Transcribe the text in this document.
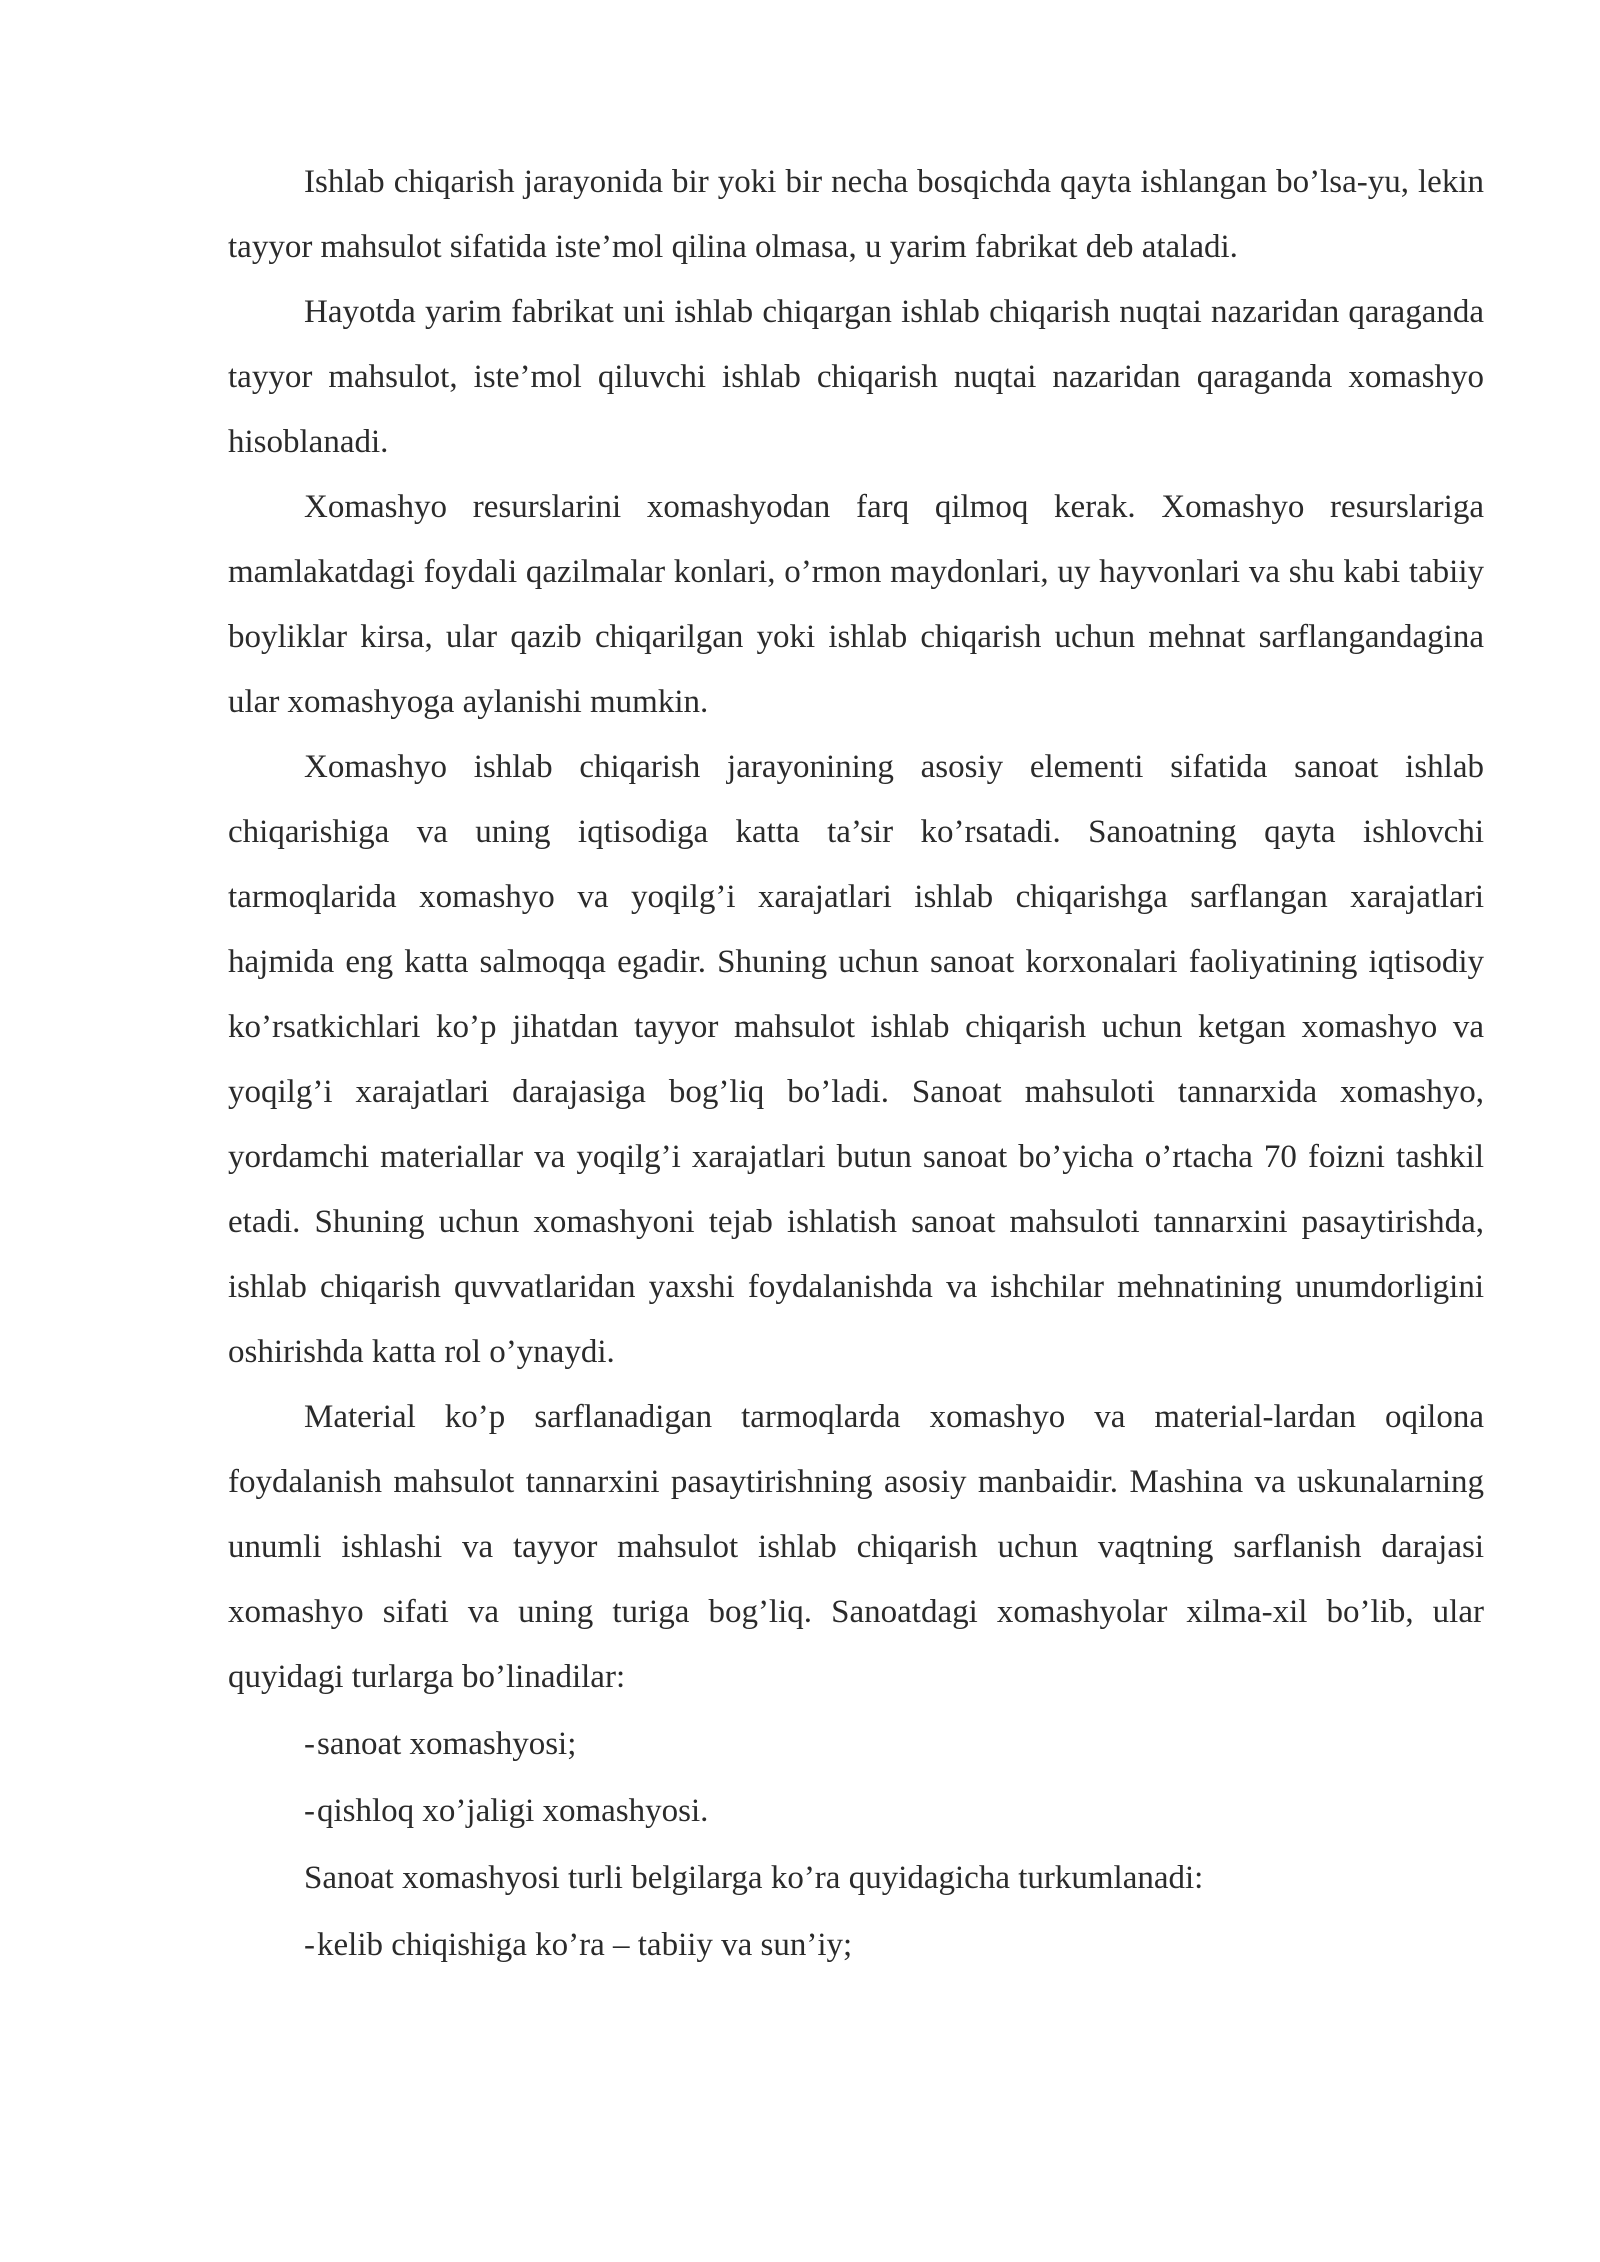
Ishlab chiqarish jarayonida bir yoki bir necha bosqichda qayta ishlangan bo’lsa-yu, lekin tayyor mahsulot sifatida iste’mol qilina olmasa, u yarim fabrikat deb ataladi.

Hayotda yarim fabrikat uni ishlab chiqargan ishlab chiqarish nuqtai nazaridan qaraganda tayyor mahsulot, iste’mol qiluvchi ishlab chiqarish nuqtai nazaridan qaraganda xomashyo hisoblanadi.

Xomashyo resurslarini xomashyodan farq qilmoq kerak. Xomashyo resurslariga mamlakatdagi foydali qazilmalar konlari, o’rmon maydonlari, uy hayvonlari va shu kabi tabiiy boyliklar kirsa, ular qazib chiqarilgan yoki ishlab chiqarish uchun mehnat sarflangandagina ular xomashyoga aylanishi mumkin.

Xomashyo ishlab chiqarish jarayonining asosiy elementi sifatida sanoat ishlab chiqarishiga va uning iqtisodiga katta ta’sir ko’rsatadi. Sanoatning qayta ishlovchi tarmoqlarida xomashyo va yoqilg’i xarajatlari ishlab chiqarishga sarflangan xarajatlari hajmida eng katta salmoqqa egadir. Shuning uchun sanoat korxonalari faoliyatining iqtisodiy ko’rsatkichlari ko’p jihatdan tayyor mahsulot ishlab chiqarish uchun ketgan xomashyo va yoqilg’i xarajatlari darajasiga bog’liq bo’ladi. Sanoat mahsuloti tannarxida xomashyo, yordamchi materiallar va yoqilg’i xarajatlari butun sanoat bo’yicha o’rtacha 70 foizni tashkil etadi. Shuning uchun xomashyoni tejab ishlatish sanoat mahsuloti tannarxini pasaytirishda, ishlab chiqarish quvvatlaridan yaxshi foydalanishda va ishchilar mehnatining unumdorligini oshirishda katta rol o’ynaydi.

Material ko’p sarflanadigan tarmoqlarda xomashyo va material-lardan oqilona foydalanish mahsulot tannarxini pasaytirishning asosiy manbaidir. Mashina va uskunalarning unumli ishlashi va tayyor mahsulot ishlab chiqarish uchun vaqtning sarflanish darajasi xomashyo sifati va uning turiga bog’liq. Sanoatdagi xomashyolar xilma-xil bo’lib, ular quyidagi turlarga bo’linadilar:

-sanoat xomashyosi;
-qishloq xo’jaligi xomashyosi.
Sanoat xomashyosi turli belgilarga ko’ra quyidagicha turkumlanadi:
-kelib chiqishiga ko’ra – tabiiy va sun’iy;
